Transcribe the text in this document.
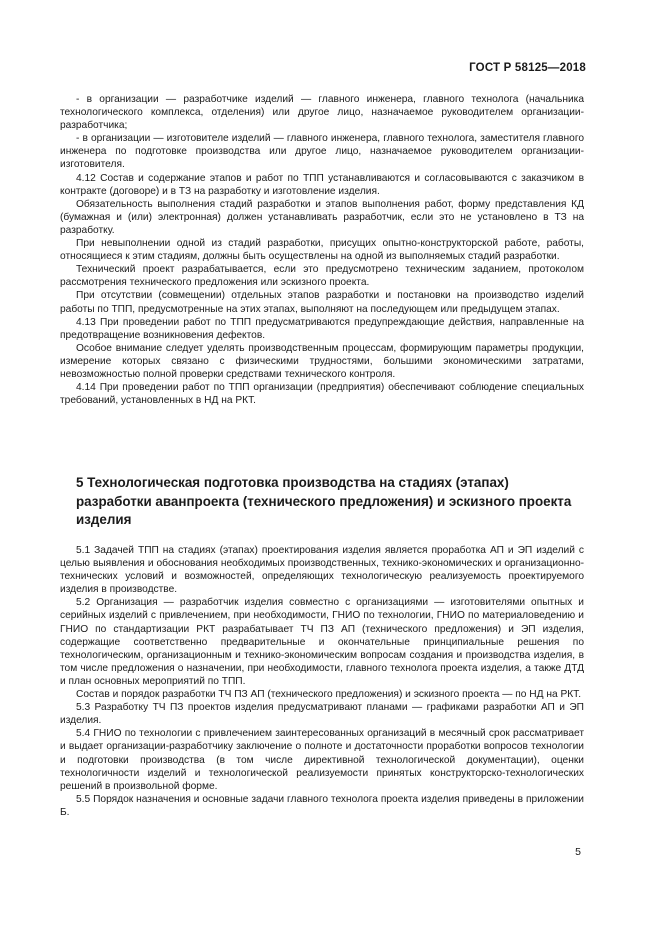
ГОСТ Р 58125—2018

- в организации — разработчике изделий — главного инженера, главного технолога (начальника технологического комплекса, отделения) или другое лицо, назначаемое руководителем организации-разработчика;

- в организации — изготовителе изделий — главного инженера, главного технолога, заместителя главного инженера по подготовке производства или другое лицо, назначаемое руководителем организации-изготовителя.

4.12 Состав и содержание этапов и работ по ТПП устанавливаются и согласовываются с заказчиком в контракте (договоре) и в ТЗ на разработку и изготовление изделия.

Обязательность выполнения стадий разработки и этапов выполнения работ, форму представления КД (бумажная и (или) электронная) должен устанавливать разработчик, если это не установлено в ТЗ на разработку.

При невыполнении одной из стадий разработки, присущих опытно-конструкторской работе, работы, относящиеся к этим стадиям, должны быть осуществлены на одной из выполняемых стадий разработки.

Технический проект разрабатывается, если это предусмотрено техническим заданием, протоколом рассмотрения технического предложения или эскизного проекта.

При отсутствии (совмещении) отдельных этапов разработки и постановки на производство изделий работы по ТПП, предусмотренные на этих этапах, выполняют на последующем или предыдущем этапах.

4.13 При проведении работ по ТПП предусматриваются предупреждающие действия, направленные на предотвращение возникновения дефектов.

Особое внимание следует уделять производственным процессам, формирующим параметры продукции, измерение которых связано с физическими трудностями, большими экономическими затратами, невозможностью полной проверки средствами технического контроля.

4.14 При проведении работ по ТПП организации (предприятия) обеспечивают соблюдение специальных требований, установленных в НД на РКТ.

5 Технологическая подготовка производства на стадиях (этапах)
разработки аванпроекта (технического предложения) и эскизного проекта
изделия

5.1 Задачей ТПП на стадиях (этапах) проектирования изделия является проработка АП и ЭП изделий с целью выявления и обоснования необходимых производственных, технико-экономических и организационно-технических условий и возможностей, определяющих технологическую реализуемость проектируемого изделия в производстве.

5.2 Организация — разработчик изделия совместно с организациями — изготовителями опытных и серийных изделий с привлечением, при необходимости, ГНИО по технологии, ГНИО по материаловедению и ГНИО по стандартизации РКТ разрабатывает ТЧ ПЗ АП (технического предложения) и ЭП изделия, содержащие соответственно предварительные и окончательные принципиальные решения по технологическим, организационным и технико-экономическим вопросам создания и производства изделия, в том числе предложения о назначении, при необходимости, главного технолога проекта изделия, а также ДТД и план основных мероприятий по ТПП.

Состав и порядок разработки ТЧ ПЗ АП (технического предложения) и эскизного проекта — по НД на РКТ.

5.3 Разработку ТЧ ПЗ проектов изделия предусматривают планами — графиками разработки АП и ЭП изделия.

5.4 ГНИО по технологии с привлечением заинтересованных организаций в месячный срок рассматривает и выдает организации-разработчику заключение о полноте и достаточности проработки вопросов технологии и подготовки производства (в том числе директивной технологической документации), оценки технологичности изделий и технологической реализуемости принятых конструкторско-технологических решений в произвольной форме.

5.5 Порядок назначения и основные задачи главного технолога проекта изделия приведены в приложении Б.

5
